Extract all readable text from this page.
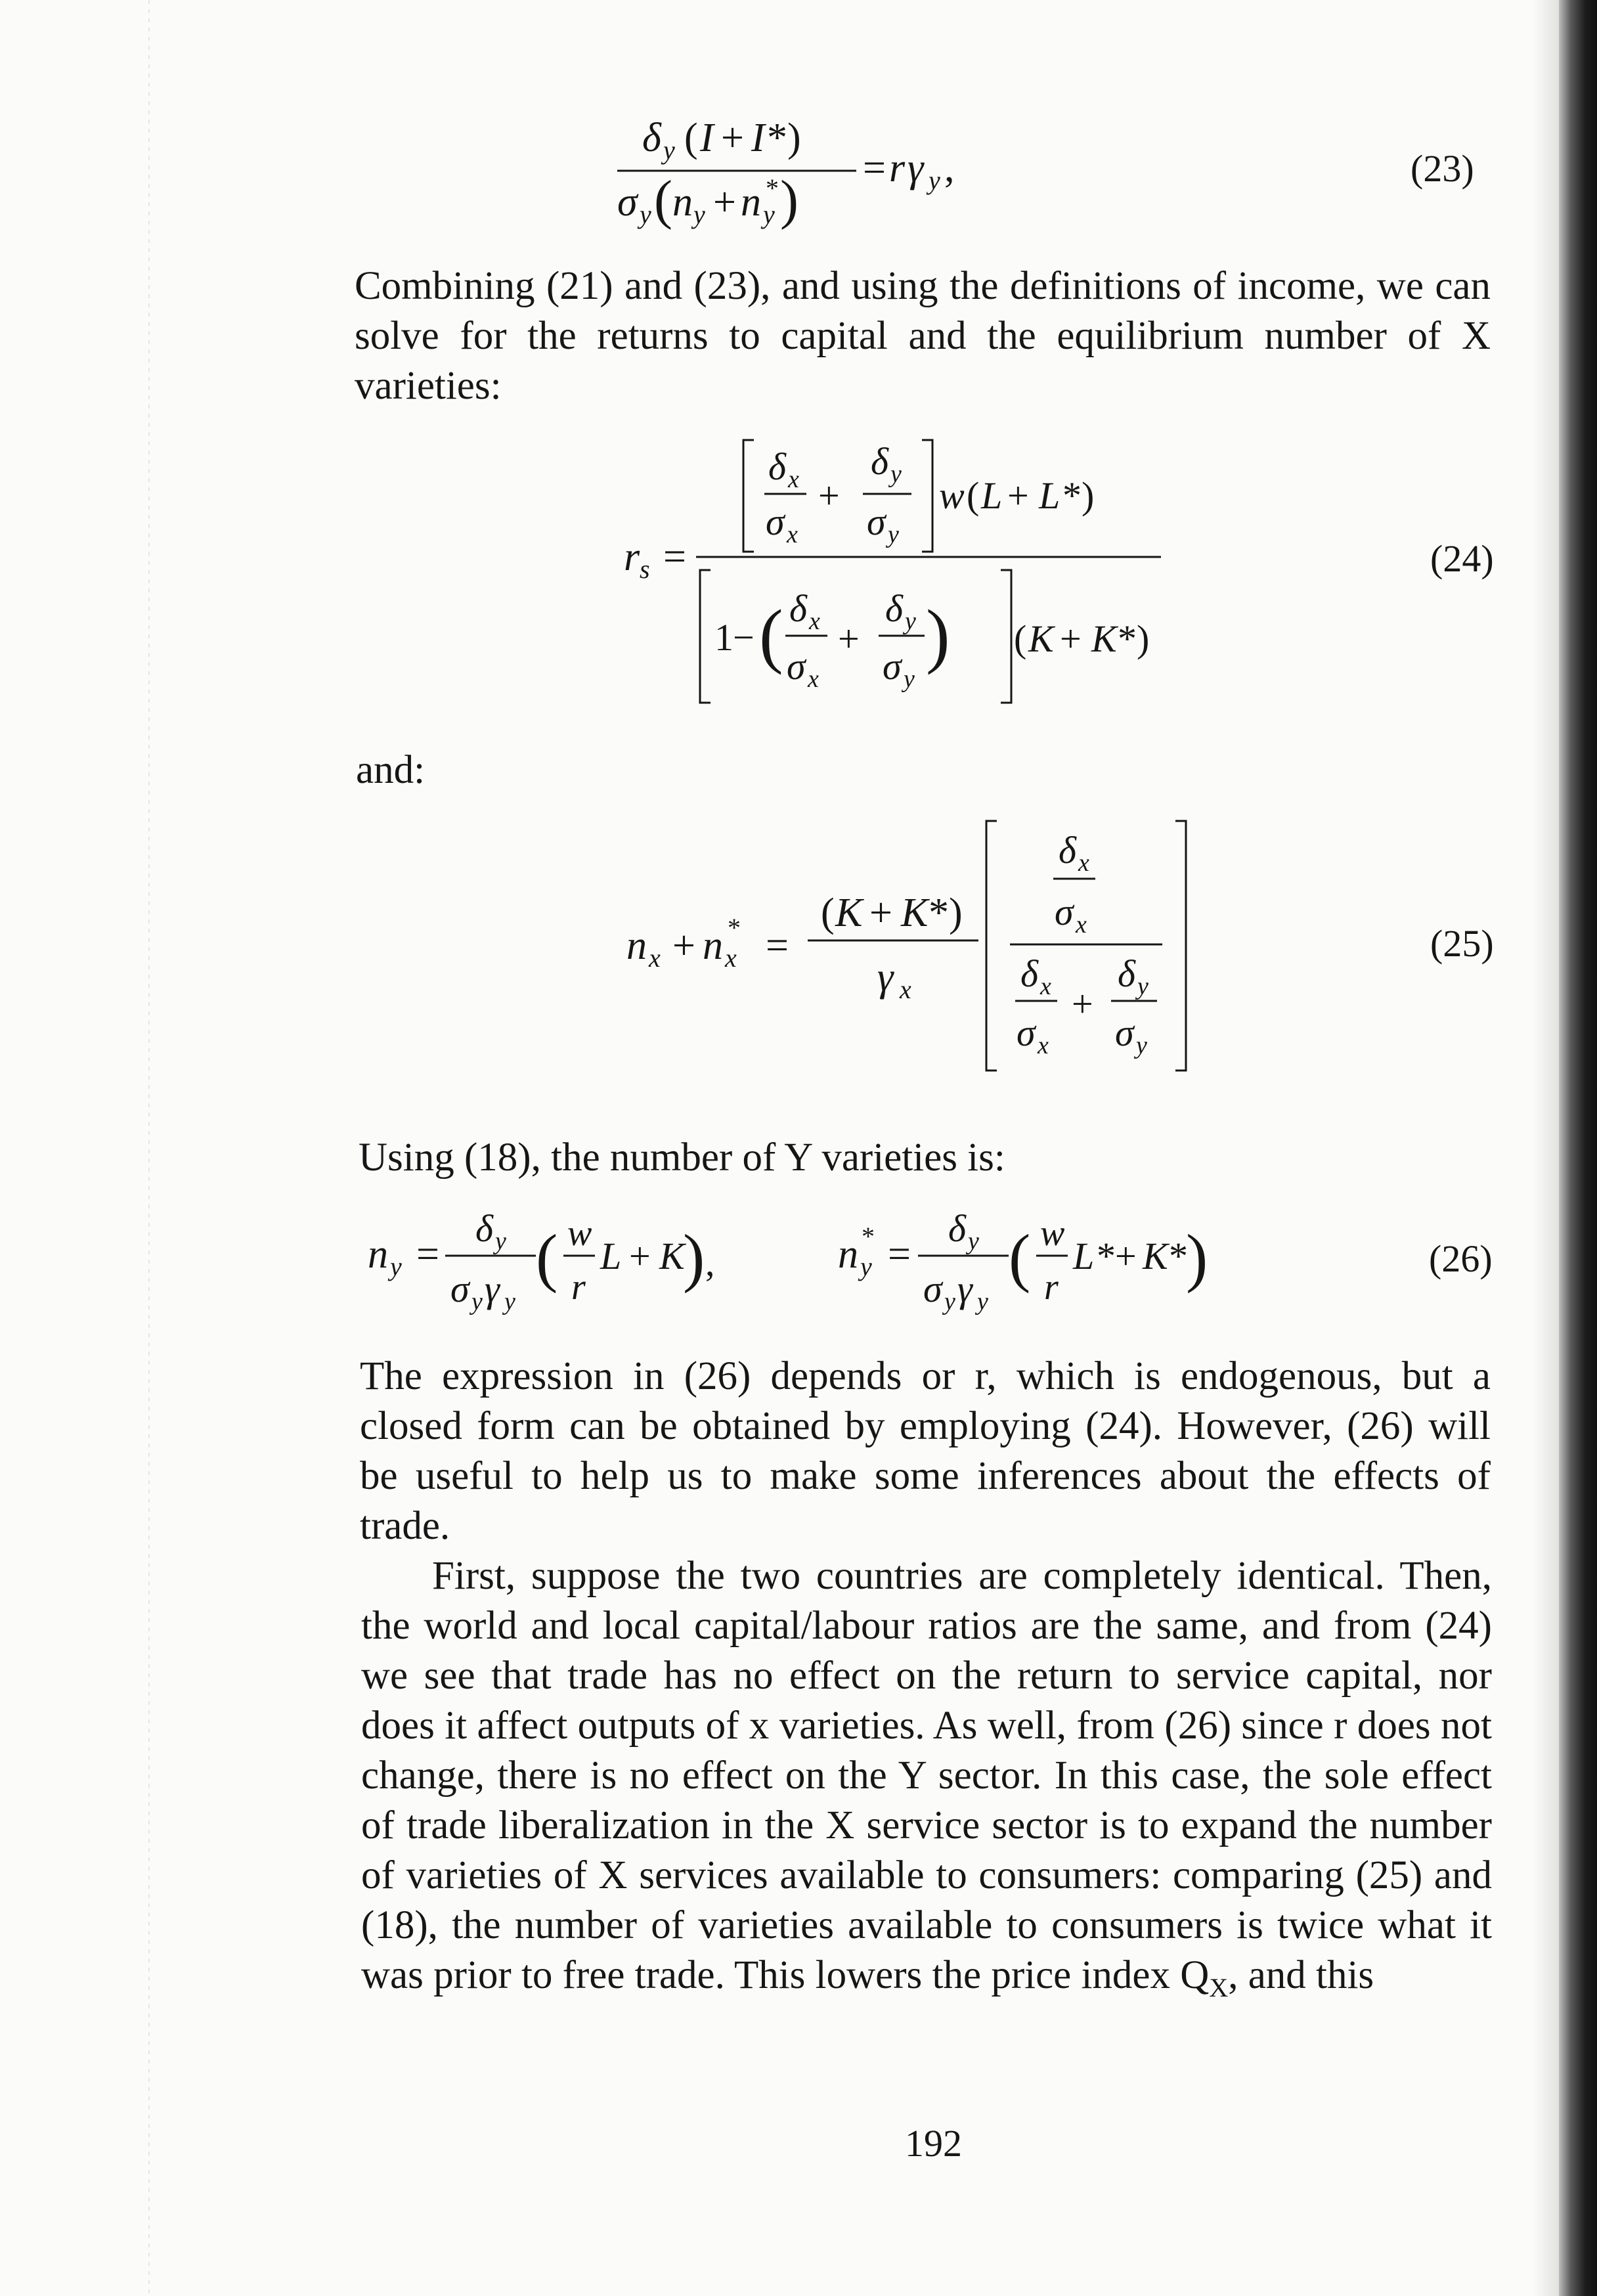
δ y ( I + I *)
σ y ( n y + n y
* )
= r γ y ,	(23)

Combining (21) and (23), and using the definitions of income, we can solve for the returns to capital and the equilibrium number of X varieties:

r s =
δ x
σ x
+
δ y
σ y
w ( L + L *)
1 − ( δ x
σ x
+
δ y
σ y
) ( K + K *)
(24)
and:
n x + n x
* =
( K + K *)
γ x
δ x
σ x
δ x
σ x
+
δ y
σ y
(25)
Using (18), the number of Y varieties is:
n y =
δ y
σ y γ y
( w
r
L + K
) ,	n y
* =
δ y
σ y γ y
( w
r
L * + K *
)	(26)

The expression in (26) depends or r, which is endogenous, but a closed form can be obtained by employing (24). However, (26) will be useful to help us to make some inferences about the effects of trade.

First, suppose the two countries are completely identical. Then, the world and local capital/labour ratios are the same, and from (24) we see that trade has no effect on the return to service capital, nor does it affect outputs of x varieties. As well, from (26) since r does not change, there is no effect on the Y sector. In this case, the sole effect of trade liberalization in the X service sector is to expand the number of varieties of X services available to consumers: comparing (25) and (18), the number of varieties available to consumers is twice what it was prior to free trade. This lowers the price index $Q_X$, and this

192
